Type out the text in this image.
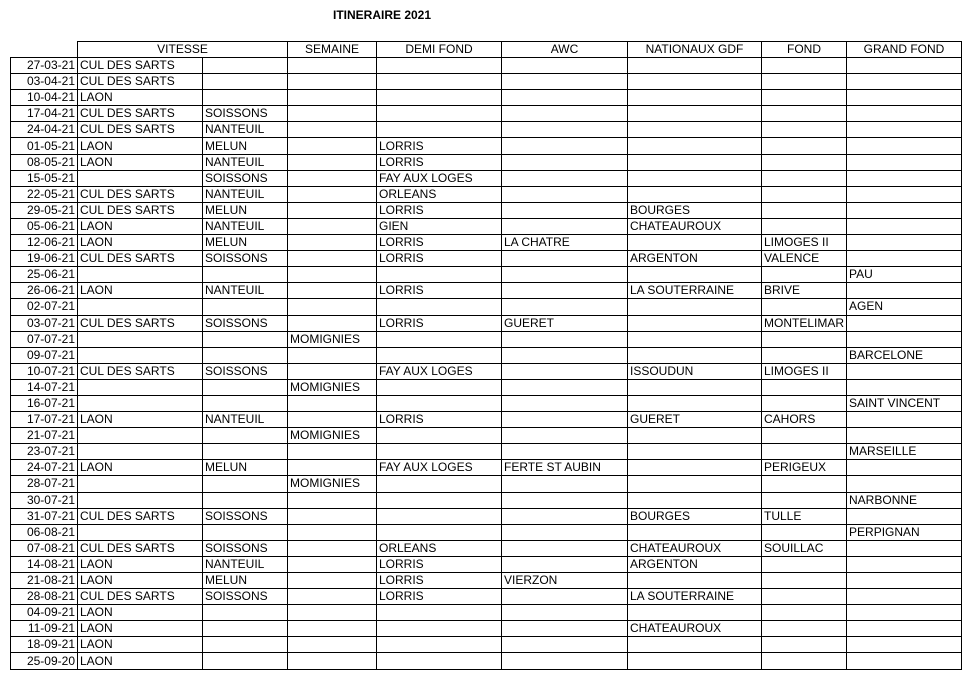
ITINERAIRE 2021
	VITESSE		SEMAINE	DEMI FOND	AWC	NATIONAUX GDF	FOND	GRAND FOND
27-03-21	CUL DES SARTS							
03-04-21	CUL DES SARTS							
10-04-21	LAON							
17-04-21	CUL DES SARTS	SOISSONS						
24-04-21	CUL DES SARTS	NANTEUIL						
01-05-21	LAON	MELUN		LORRIS				
08-05-21	LAON	NANTEUIL		LORRIS				
15-05-21		SOISSONS		FAY AUX LOGES				
22-05-21	CUL DES SARTS	NANTEUIL		ORLEANS				
29-05-21	CUL DES SARTS	MELUN		LORRIS		BOURGES		
05-06-21	LAON	NANTEUIL		GIEN		CHATEAUROUX		
12-06-21	LAON	MELUN		LORRIS	LA CHATRE		LIMOGES II	
19-06-21	CUL DES SARTS	SOISSONS		LORRIS		ARGENTON	VALENCE	
25-06-21								PAU
26-06-21	LAON	NANTEUIL		LORRIS		LA SOUTERRAINE	BRIVE	
02-07-21								AGEN
03-07-21	CUL DES SARTS	SOISSONS		LORRIS	GUERET		MONTELIMAR	
07-07-21			MOMIGNIES					
09-07-21								BARCELONE
10-07-21	CUL DES SARTS	SOISSONS		FAY AUX LOGES		ISSOUDUN	LIMOGES II	
14-07-21			MOMIGNIES					
16-07-21								SAINT VINCENT
17-07-21	LAON	NANTEUIL		LORRIS		GUERET	CAHORS	
21-07-21			MOMIGNIES					
23-07-21								MARSEILLE
24-07-21	LAON	MELUN		FAY AUX LOGES	FERTE ST AUBIN		PERIGEUX	
28-07-21			MOMIGNIES					
30-07-21								NARBONNE
31-07-21	CUL DES SARTS	SOISSONS				BOURGES	TULLE	
06-08-21								PERPIGNAN
07-08-21	CUL DES SARTS	SOISSONS		ORLEANS		CHATEAUROUX	SOUILLAC	
14-08-21	LAON	NANTEUIL		LORRIS		ARGENTON		
21-08-21	LAON	MELUN		LORRIS	VIERZON			
28-08-21	CUL DES SARTS	SOISSONS		LORRIS		LA SOUTERRAINE		
04-09-21	LAON							
11-09-21	LAON					CHATEAUROUX		
18-09-21	LAON							
25-09-20	LAON							
